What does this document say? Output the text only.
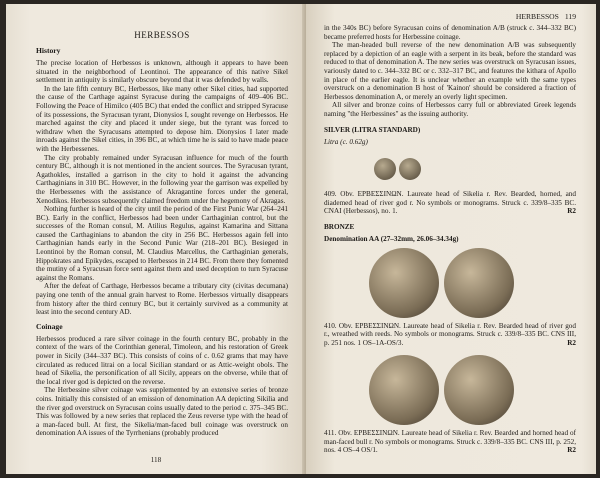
HERBESSOS
History

The precise location of Herbessos is unknown, although it appears to have been situated in the neighborhood of Leontinoi. The appearance of this native Sikel settlement in antiquity is similarly obscure beyond that it was defended by walls.

In the late fifth century BC, Herbessos, like many other Sikel cities, had supported the cause of the Carthage against Syracuse during the campaigns of 409–406 BC. Following the Peace of Himilco (405 BC) that ended the conflict and stripped Syracuse of its possessions, the Syracusan tyrant, Dionysios I, sought revenge on Herbessos. He marched against the city and placed it under siege, but the tyrant was forced to withdraw when the Syracusans attempted to depose him. Dionysios I later made inroads against the Sikel cities, in 396 BC, at which time he is said to have made peace with the Herbessenes.

The city probably remained under Syracusan influence for much of the fourth century BC, although it is not mentioned in the ancient sources. The Syracusan tyrant, Agathokles, installed a garrison in the city to hold it against the advancing Carthaginians in 310 BC. However, in the following year the garrison was expelled by the Herbessenes with the assistance of Akragantine forces under the general, Xenodikos. Herbessos subsequently claimed freedom under the hegemony of Akragas.

Nothing further is heard of the city until the period of the First Punic War (264–241 BC). Early in the conflict, Herbessos had been under Carthaginian control, but the successes of the Roman consul, M. Atilius Regulus, against Kamarina and Sittana caused the Carthaginians to abandon the city in 256 BC. Herbessos again fell into Carthaginian hands early in the Second Punic War (218–201 BC). Besieged in Leontinoi by the Roman consul, M. Claudius Marcellus, the Carthaginian generals, Hippokrates and Epikydes, escaped to Herbessos in 214 BC. From there they fomented the mutiny of a Syracusan force sent against them and used deception to turn Syracuse against the Romans.

After the defeat of Carthage, Herbessos became a tributary city (civitas decumana) paying one tenth of the annual grain harvest to Rome. Herbessos virtually disappears from history after the third century BC, but it certainly survived as a community at least into the second century AD.

Coinage

Herbessos produced a rare silver coinage in the fourth century BC, probably in the context of the wars of the Corinthian general, Timoleon, and his restoration of Greek power in Sicily (344–337 BC). This consists of coins of c. 0.62 grams that may have circulated as reduced litrai on a local Sicilian standard or as Attic-weight obols. The head of Sikelia, the personification of all Sicily, appears on the obverse, while that of the local river god is depicted on the reverse.

The Herbessine silver coinage was supplemented by an extensive series of bronze coins. Initially this consisted of an emission of denomination AA depicting Sikilia and the river god overstruck on Syracusan coins usually dated to the period c. 375–345 BC. This was followed by a new series that replaced the Zeus reverse type with the head of a man-faced bull. At first, the Sikelia/man-faced bull coinage was overstruck on denomination AA issues of the Tyrrhenians (probably produced

118
HERBESSOS 119

in the 340s BC) before Syracusan coins of denomination A/B (struck c. 344–332 BC) became preferred hosts for Herbessine coinage.

The man-headed bull reverse of the new denomination A/B was subsequently replaced by a depiction of an eagle with a serpent in its beak, before the standard was reduced to that of denomination A. The new series was overstruck on Syracusan issues, variously dated to c. 344–332 BC or c. 332–317 BC, and features the kithara of Apollo in place of the earlier eagle. It is unclear whether an example with the same types overstruck on a denomination B host of 'Kainon' should be considered a fraction of Herbessos denomination A, or merely an overly light specimen.

All silver and bronze coins of Herbessos carry full or abbreviated Greek legends naming "the Herbessines" as the issuing authority.

SILVER (LITRA STANDARD)

Litra (c. 0.62g)

409. Obv. ΕΡΒΕΣΣΙΝΩΝ. Laureate head of Sikelia r. Rev. Bearded, horned, and diademed head of river god r. No symbols or monograms. Struck c. 339/8–335 BC. CNAI (Herbessos), no. 1.	R2
BRONZE

Denomination AA (27–32mm, 26.06–34.34g)

410. Obv. ΕΡΒΕΣΣΙΝΩΝ. Laureate head of Sikelia r. Rev. Bearded head of river god r., wreathed with reeds. No symbols or monograms. Struck c. 339/8–335 BC. CNS III, p. 251 nos. 1 OS–1A-OS/3.	R2
411. Obv. ΕΡΒΕΣΣΙΝΩΝ. Laureate head of Sikelia r. Rev. Bearded and horned head of man-faced bull r. No symbols or monograms. Struck c. 339/8–335 BC. CNS III, p. 252, nos. 4 OS–4 OS/1.	R2
